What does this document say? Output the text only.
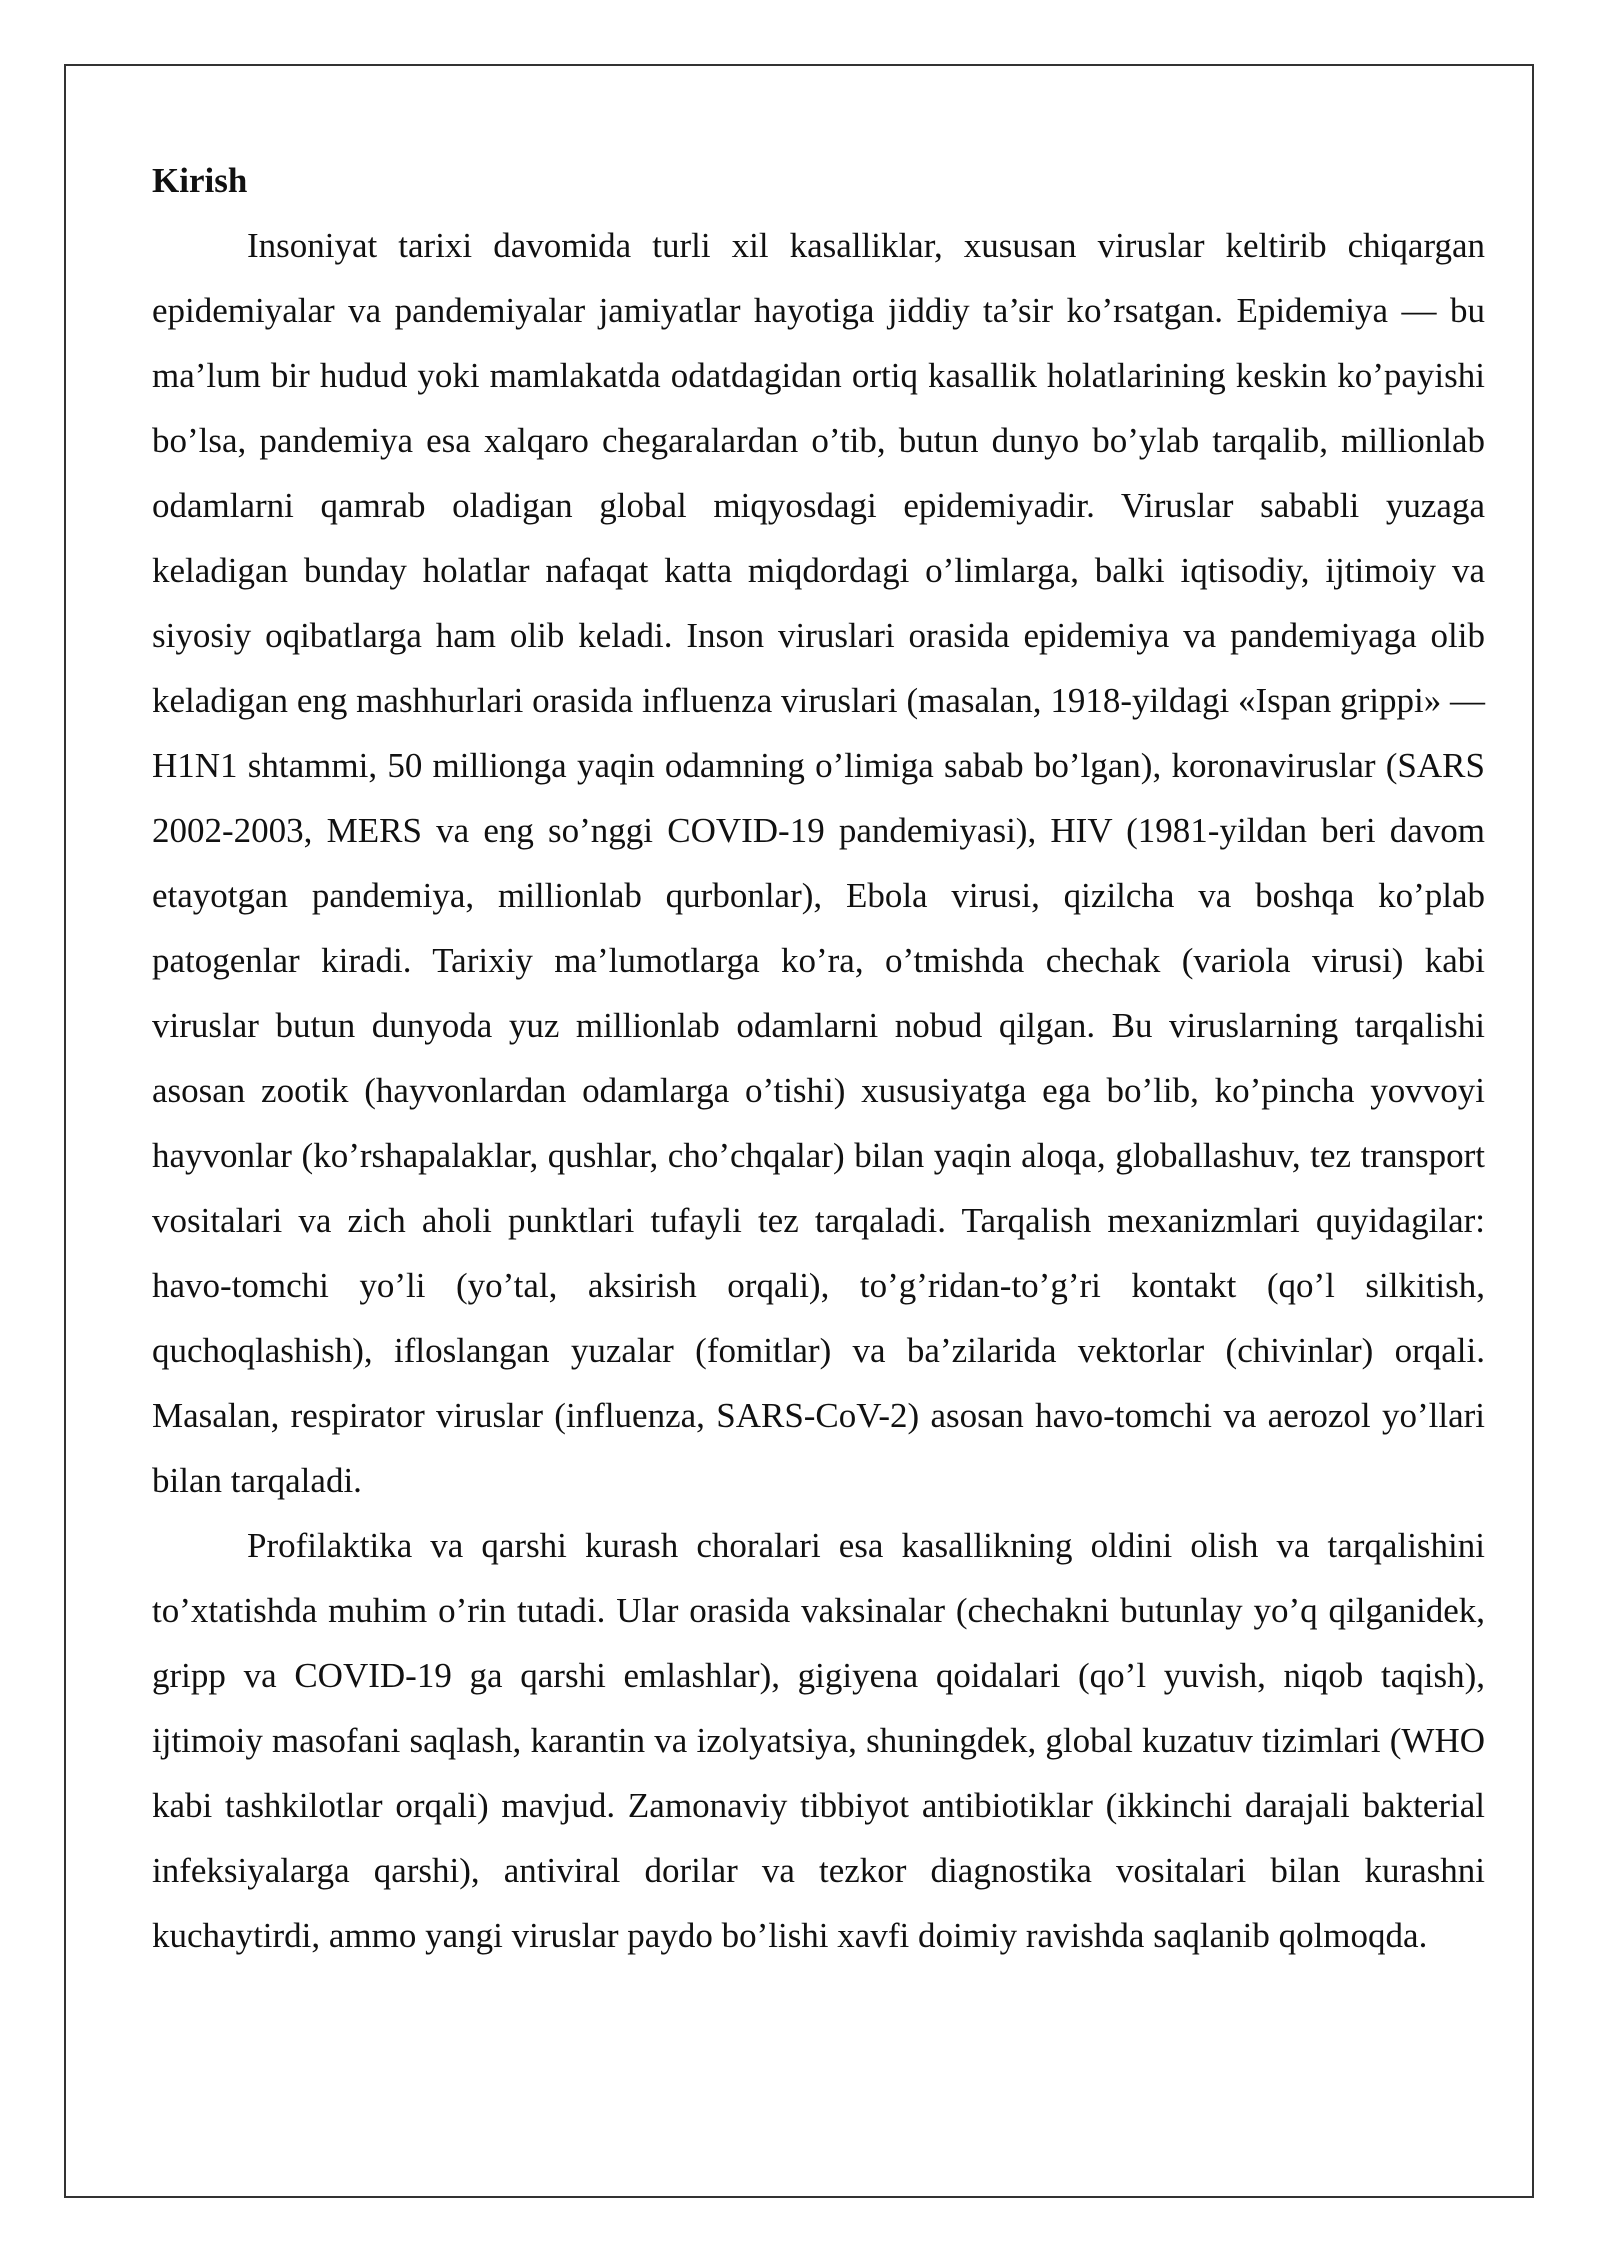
Kirish

Insoniyat tarixi davomida turli xil kasalliklar, xususan viruslar keltirib chiqargan epidemiyalar va pandemiyalar jamiyatlar hayotiga jiddiy ta’sir ko’rsatgan. Epidemiya — bu ma’lum bir hudud yoki mamlakatda odatdagidan ortiq kasallik holatlarining keskin ko’payishi bo’lsa, pandemiya esa xalqaro chegaralardan o’tib, butun dunyo bo’ylab tarqalib, millionlab odamlarni qamrab oladigan global miqyosdagi epidemiyadir. Viruslar sababli yuzaga keladigan bunday holatlar nafaqat katta miqdordagi o’limlarga, balki iqtisodiy, ijtimoiy va siyosiy oqibatlarga ham olib keladi. Inson viruslari orasida epidemiya va pandemiyaga olib keladigan eng mashhurlari orasida influenza viruslari (masalan, 1918-yildagi «Ispan grippi» — H1N1 shtammi, 50 millionga yaqin odamning o’limiga sabab bo’lgan), koronaviruslar (SARS 2002-2003, MERS va eng so’nggi COVID-19 pandemiyasi), HIV (1981-yildan beri davom etayotgan pandemiya, millionlab qurbonlar), Ebola virusi, qizilcha va boshqa ko’plab patogenlar kiradi. Tarixiy ma’lumotlarga ko’ra, o’tmishda chechak (variola virusi) kabi viruslar butun dunyoda yuz millionlab odamlarni nobud qilgan. Bu viruslarning tarqalishi asosan zootik (hayvonlardan odamlarga o’tishi) xususiyatga ega bo’lib, ko’pincha yovvoyi hayvonlar (ko’rshapalaklar, qushlar, cho’chqalar) bilan yaqin aloqa, globallashuv, tez transport vositalari va zich aholi punktlari tufayli tez tarqaladi. Tarqalish mexanizmlari quyidagilar: havo-tomchi yo’li (yo’tal, aksirish orqali), to’g’ridan-to’g’ri kontakt (qo’l silkitish, quchoqlashish), ifloslangan yuzalar (fomitlar) va ba’zilarida vektorlar (chivinlar) orqali. Masalan, respirator viruslar (influenza, SARS-CoV-2) asosan havo-tomchi va aerozol yo’llari bilan tarqaladi.

Profilaktika va qarshi kurash choralari esa kasallikning oldini olish va tarqalishini to’xtatishda muhim o’rin tutadi. Ular orasida vaksinalar (chechakni butunlay yo’q qilganidek, gripp va COVID-19 ga qarshi emlashlar), gigiyena qoidalari (qo’l yuvish, niqob taqish), ijtimoiy masofani saqlash, karantin va izolyatsiya, shuningdek, global kuzatuv tizimlari (WHO kabi tashkilotlar orqali) mavjud. Zamonaviy tibbiyot antibiotiklar (ikkinchi darajali bakterial infeksiyalarga qarshi), antiviral dorilar va tezkor diagnostika vositalari bilan kurashni kuchaytirdi, ammo yangi viruslar paydo bo’lishi xavfi doimiy ravishda saqlanib qolmoqda.
